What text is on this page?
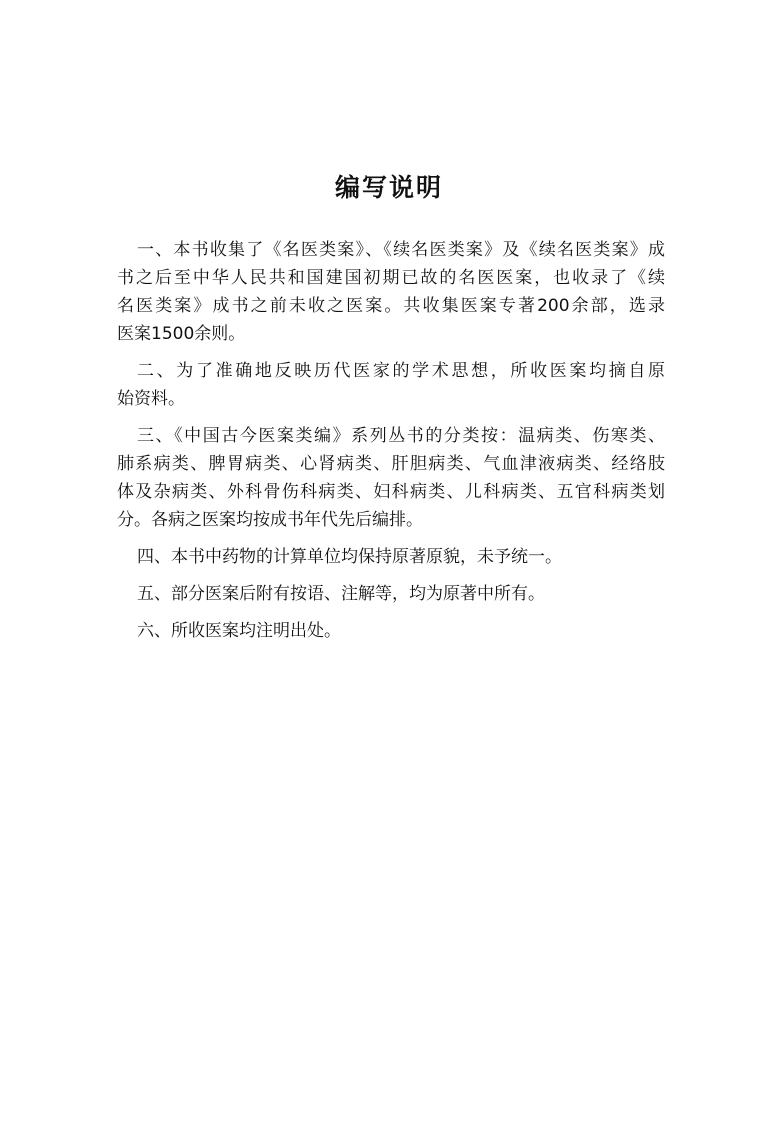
编写说明
一、本书收集了《名医类案》、《续名医类案》及《续名医类案》成
书之后至中华人民共和国建国初期已故的名医医案，也收录了《续
名医类案》成书之前未收之医案。共收集医案专著200余部，选录
医案1500余则。
二、为了准确地反映历代医家的学术思想，所收医案均摘自原
始资料。
三、《中国古今医案类编》系列丛书的分类按：温病类、伤寒类、
肺系病类、脾胃病类、心肾病类、肝胆病类、气血津液病类、经络肢
体及杂病类、外科骨伤科病类、妇科病类、儿科病类、五官科病类划
分。各病之医案均按成书年代先后编排。
四、本书中药物的计算单位均保持原著原貌，未予统一。
五、部分医案后附有按语、注解等，均为原著中所有。
六、所收医案均注明出处。
